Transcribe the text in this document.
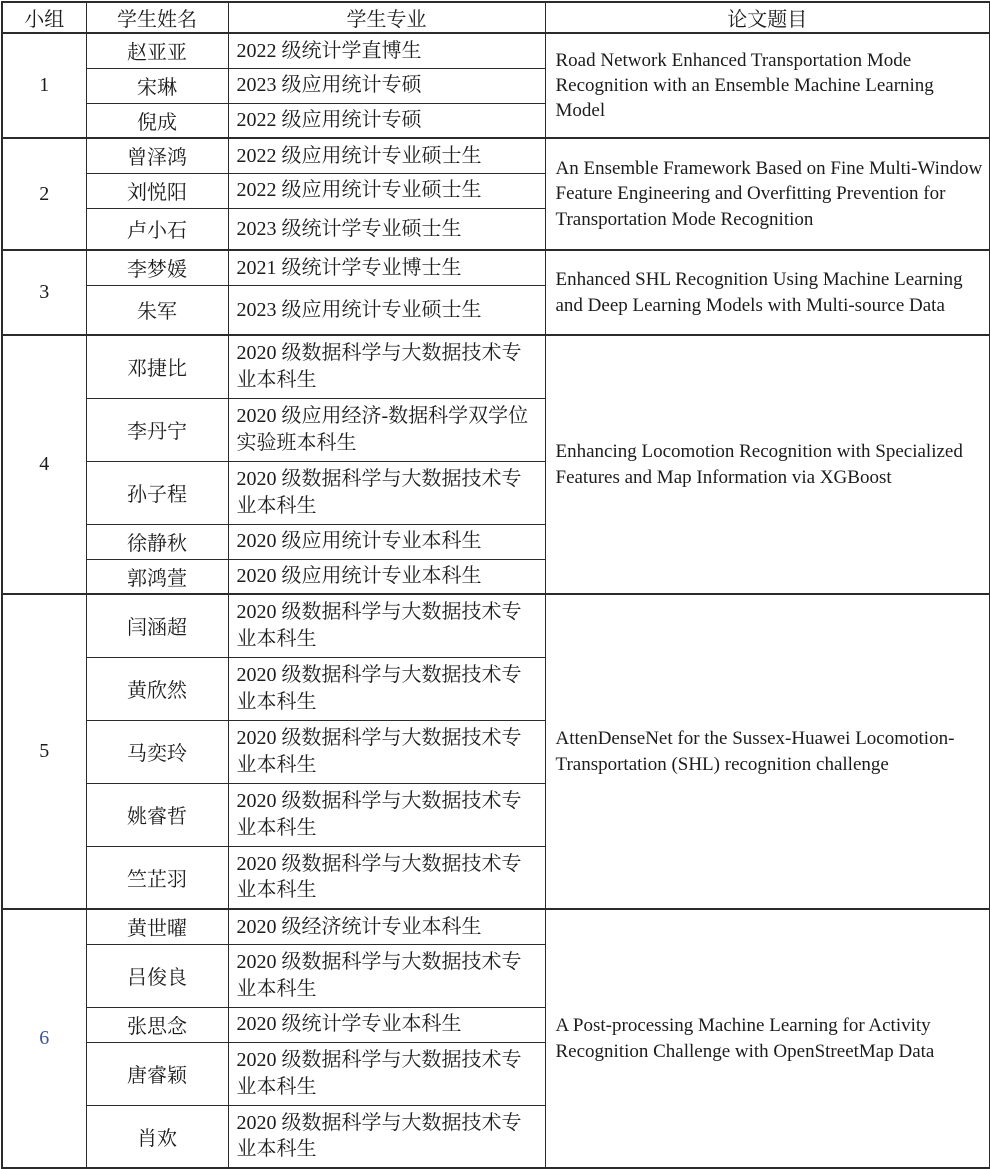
小组	学生姓名	学生专业	论文题目
1	赵亚亚	2022 级统计学直博生	Road Network Enhanced Transportation Mode Recognition with an Ensemble Machine Learning Model
	宋琳	2023 级应用统计专硕	
	倪成	2022 级应用统计专硕	
2	曾泽鸿	2022 级应用统计专业硕士生	An Ensemble Framework Based on Fine Multi-Window Feature Engineering and Overfitting Prevention for Transportation Mode Recognition
	刘悦阳	2022 级应用统计专业硕士生	
	卢小石	2023 级统计学专业硕士生	
3	李梦媛	2021 级统计学专业博士生	Enhanced SHL Recognition Using Machine Learning and Deep Learning Models with Multi-source Data
	朱军	2023 级应用统计专业硕士生	
4	邓捷比	2020 级数据科学与大数据技术专业本科生	Enhancing Locomotion Recognition with Specialized Features and Map Information via XGBoost
	李丹宁	2020 级应用经济-数据科学双学位实验班本科生	
	孙子程	2020 级数据科学与大数据技术专业本科生	
	徐静秋	2020 级应用统计专业本科生	
	郭鸿萱	2020 级应用统计专业本科生	
5	闫涵超	2020 级数据科学与大数据技术专业本科生	AttenDenseNet for the Sussex-Huawei Locomotion-Transportation (SHL) recognition challenge
	黄欣然	2020 级数据科学与大数据技术专业本科生	
	马奕玲	2020 级数据科学与大数据技术专业本科生	
	姚睿哲	2020 级数据科学与大数据技术专业本科生	
	竺芷羽	2020 级数据科学与大数据技术专业本科生	
6	黄世曜	2020 级经济统计专业本科生	A Post-processing Machine Learning for Activity Recognition Challenge with OpenStreetMap Data
	吕俊良	2020 级数据科学与大数据技术专业本科生	
	张思念	2020 级统计学专业本科生	
	唐睿颖	2020 级数据科学与大数据技术专业本科生	
	肖欢	2020 级数据科学与大数据技术专业本科生	
